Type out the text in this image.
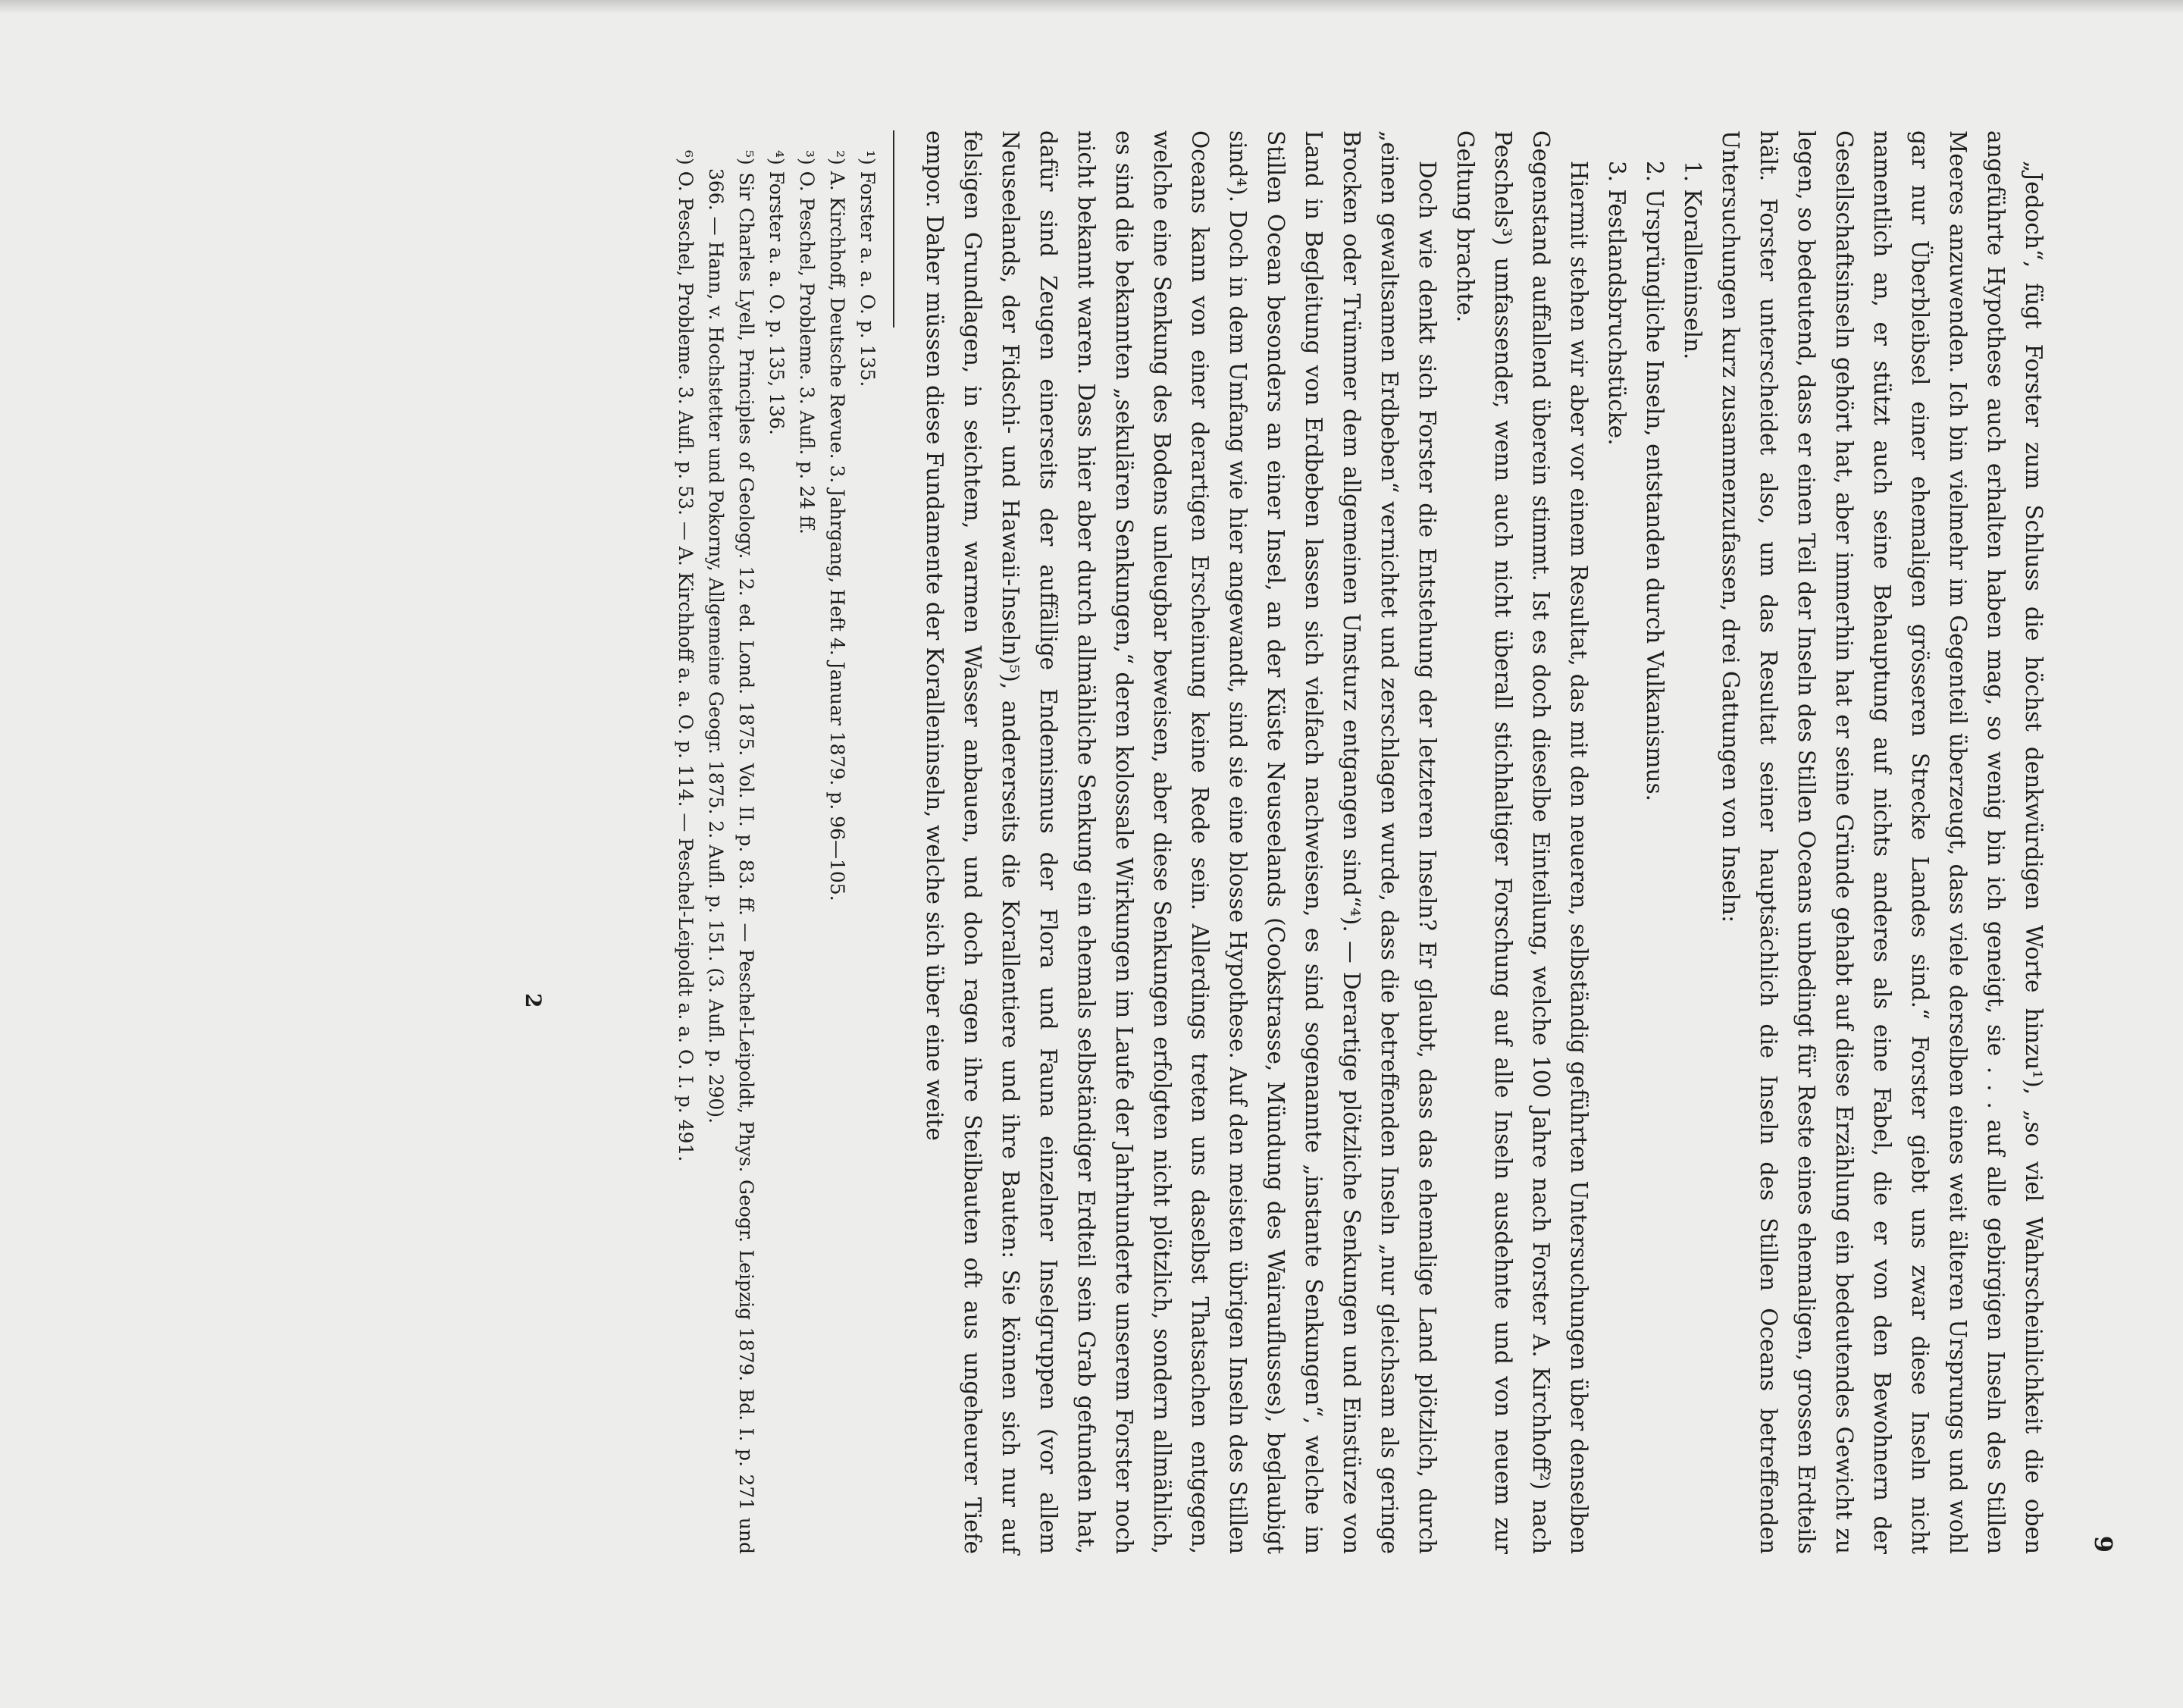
9

„Jedoch“, fügt Forster zum Schluss die höchst denkwürdigen Worte hinzu¹), „so viel Wahrscheinlichkeit die oben angeführte Hypothese auch erhalten haben mag, so wenig bin ich geneigt, sie . . . auf alle gebirgigen Inseln des Stillen Meeres anzuwenden. Ich bin vielmehr im Gegenteil überzeugt, dass viele derselben eines weit älteren Ursprungs und wohl gar nur Überbleibsel einer ehemaligen grösseren Strecke Landes sind.“ Forster giebt uns zwar diese Inseln nicht namentlich an, er stützt auch seine Behauptung auf nichts anderes als eine Fabel, die er von den Bewohnern der Gesellschaftsinseln gehört hat, aber immerhin hat er seine Gründe gehabt auf diese Erzählung ein bedeutendes Gewicht zu legen, so bedeutend, dass er einen Teil der Inseln des Stillen Oceans unbedingt für Reste eines ehemaligen, grossen Erdteils hält. Forster unterscheidet also, um das Resultat seiner hauptsächlich die Inseln des Stillen Oceans betreffenden Untersuchungen kurz zusammenzufassen, drei Gattungen von Inseln:

1. Koralleninseln.
2. Ursprüngliche Inseln, entstanden durch Vulkanismus.
3. Festlandsbruchstücke.

Hiermit stehen wir aber vor einem Resultat, das mit den neueren, selbständig geführten Untersuchungen über denselben Gegenstand auffallend überein stimmt. Ist es doch dieselbe Einteilung, welche 100 Jahre nach Forster A. Kirchhoff²) nach Peschels³) umfassender, wenn auch nicht überall stichhaltiger Forschung auf alle Inseln ausdehnte und von neuem zur Geltung brachte.

Doch wie denkt sich Forster die Entstehung der letzteren Inseln? Er glaubt, dass das ehemalige Land plötzlich, durch „einen gewaltsamen Erdbeben“ vernichtet und zerschlagen wurde, dass die betreffenden Inseln „nur gleichsam als geringe Brocken oder Trümmer dem allgemeinen Umsturz entgangen sind“⁴). — Derartige plötzliche Senkungen und Einstürze von Land in Begleitung von Erdbeben lassen sich vielfach nachweisen, es sind sogenannte „instante Senkungen“, welche im Stillen Ocean besonders an einer Insel, an der Küste Neuseelands (Cookstrasse, Mündung des Wairauflusses), beglaubigt sind⁴). Doch in dem Umfang wie hier angewandt, sind sie eine blosse Hypothese. Auf den meisten übrigen Inseln des Stillen Oceans kann von einer derartigen Erscheinung keine Rede sein. Allerdings treten uns daselbst Thatsachen entgegen, welche eine Senkung des Bodens unleugbar beweisen, aber diese Senkungen erfolgten nicht plötzlich, sondern allmählich, es sind die bekannten „sekulären Senkungen,“ deren kolossale Wirkungen im Laufe der Jahrhunderte unserem Forster noch nicht bekannt waren. Dass hier aber durch allmähliche Senkung ein ehemals selbständiger Erdteil sein Grab gefunden hat, dafür sind Zeugen einerseits der auffällige Endemismus der Flora und Fauna einzelner Inselgruppen (vor allem Neuseelands, der Fidschi- und Hawaii-Inseln)⁵), andererseits die Korallentiere und ihre Bauten: Sie können sich nur auf felsigen Grundlagen, in seichtem, warmen Wasser anbauen, und doch ragen ihre Steilbauten oft aus ungeheurer Tiefe empor. Daher müssen diese Fundamente der Koralleninseln, welche sich über eine weite

¹) Forster a. a. O. p. 135.

²) A. Kirchhoff, Deutsche Revue. 3. Jahrgang, Heft 4. Januar 1879. p. 96—105.

³) O. Peschel, Probleme. 3. Aufl. p. 24 ff.

⁴) Forster a. a. O. p. 135, 136.

⁵) Sir Charles Lyell, Principles of Geology. 12. ed. Lond. 1875. Vol. II. p. 83. ff. — Peschel-Leipoldt, Phys. Geogr. Leipzig 1879. Bd. I. p. 271 und 366. — Hann, v. Hochstetter und Pokorny, Allgemeine Geogr. 1875. 2. Aufl. p. 151. (3. Aufl. p. 290).

⁶) O. Peschel, Probleme. 3. Aufl. p. 53. — A. Kirchhoff a. a. O. p. 114. — Peschel-Leipoldt a. a. O. I. p. 491.

2
